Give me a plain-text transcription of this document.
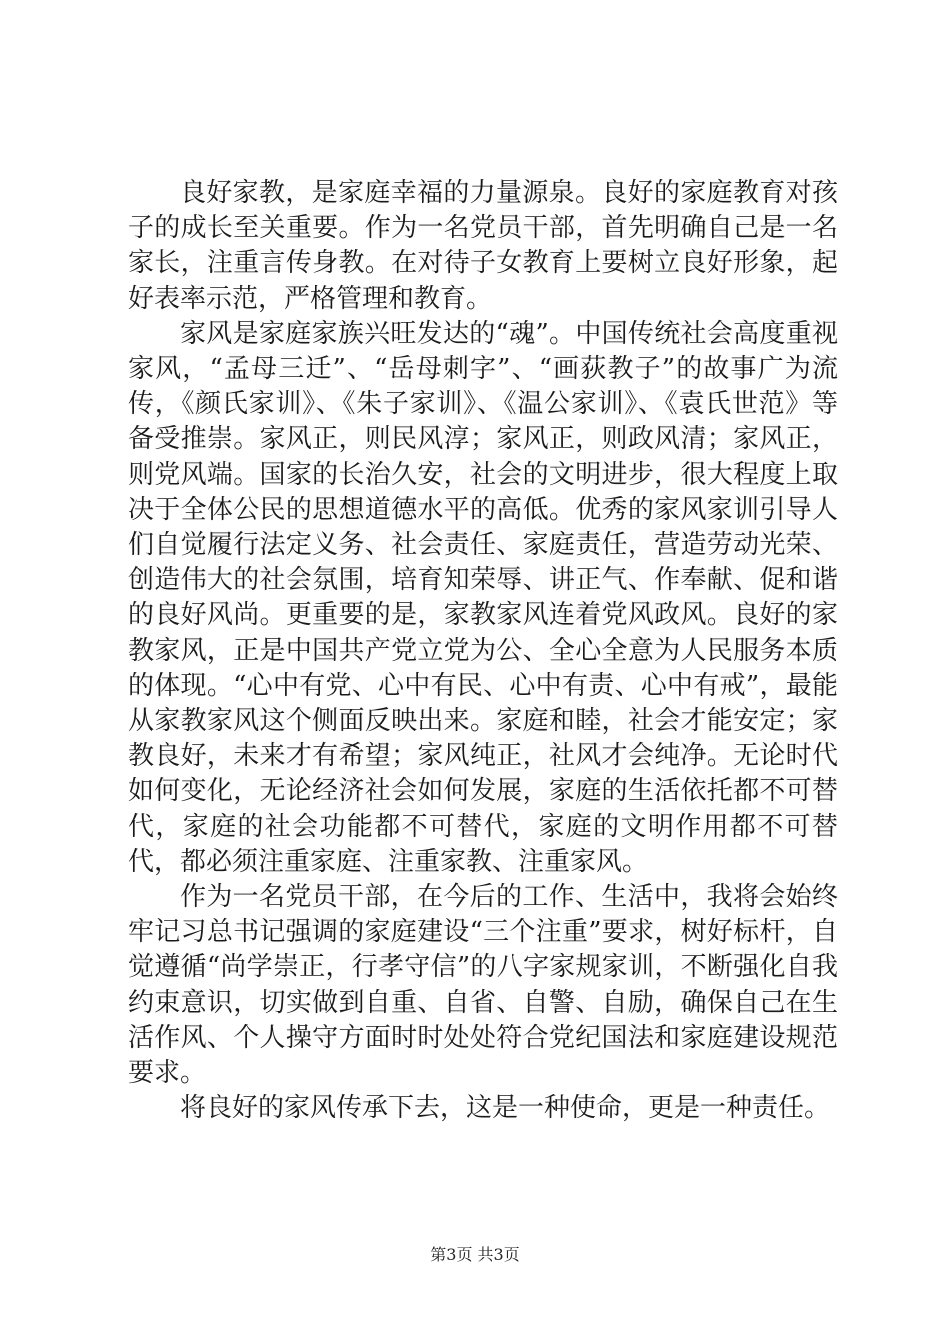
良好家教，是家庭幸福的力量源泉。良好的家庭教育对孩子的成长至关重要。作为一名党员干部，首先明确自己是一名家长，注重言传身教。在对待子女教育上要树立良好形象，起好表率示范，严格管理和教育。

家风是家庭家族兴旺发达的“魂”。中国传统社会高度重视家风，“孟母三迁”、“岳母刺字”、“画荻教子”的故事广为流传，《颜氏家训》、《朱子家训》、《温公家训》、《袁氏世范》等备受推崇。家风正，则民风淳；家风正，则政风清；家风正，则党风端。国家的长治久安，社会的文明进步，很大程度上取决于全体公民的思想道德水平的高低。优秀的家风家训引导人们自觉履行法定义务、社会责任、家庭责任，营造劳动光荣、创造伟大的社会氛围，培育知荣辱、讲正气、作奉献、促和谐的良好风尚。更重要的是，家教家风连着党风政风。良好的家教家风，正是中国共产党立党为公、全心全意为人民服务本质的体现。“心中有党、心中有民、心中有责、心中有戒”，最能从家教家风这个侧面反映出来。家庭和睦，社会才能安定；家教良好，未来才有希望；家风纯正，社风才会纯净。无论时代如何变化，无论经济社会如何发展，家庭的生活依托都不可替代，家庭的社会功能都不可替代，家庭的文明作用都不可替代，都必须注重家庭、注重家教、注重家风。

作为一名党员干部，在今后的工作、生活中，我将会始终牢记习总书记强调的家庭建设“三个注重”要求，树好标杆，自觉遵循“尚学崇正，行孝守信”的八字家规家训，不断强化自我约束意识，切实做到自重、自省、自警、自励，确保自己在生活作风、个人操守方面时时处处符合党纪国法和家庭建设规范要求。

将良好的家风传承下去，这是一种使命，更是一种责任。

第3页 共3页
